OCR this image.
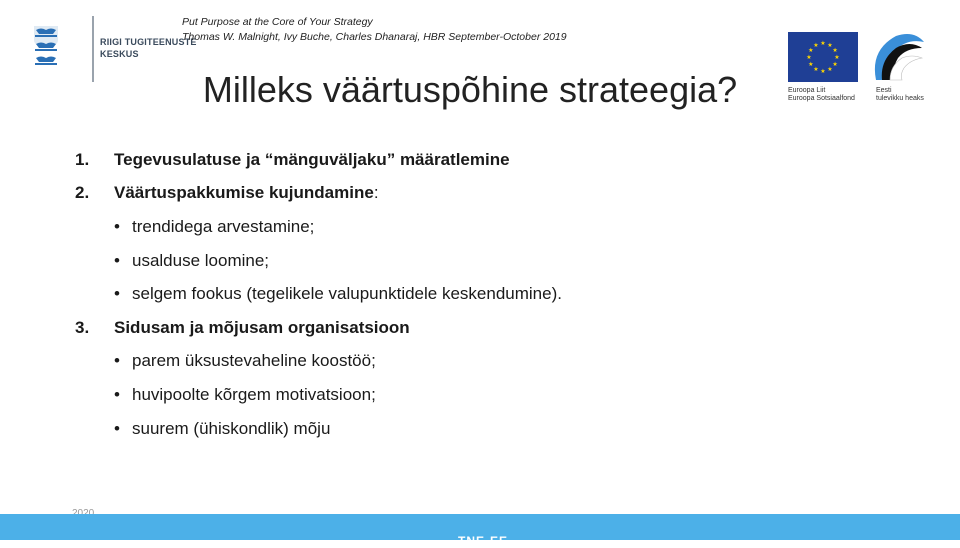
RIIGI TUGITEENUSTE
KESKUS
Put Purpose at the Core of Your Strategy
Thomas W. Malnight, Ivy Buche, Charles Dhanaraj, HBR September-October 2019
Milleks väärtuspõhine strateegia?
★ ★
★
★
★
★
★
★
★
★
★
★
Euroopa Liit
Euroopa Sotsiaalfond
Eesti
tulevikku heaks
1. Tegevusulatuse ja “mänguväljaku” määratlemine
2. Väärtuspakkumise kujundamine:
• trendidega arvestamine;
• usalduse loomine;
• selgem fookus (tegelikele valupunktidele keskendumine).
3. Sidusam ja mõjusam organisatsioon
• parem üksustevaheline koostöö;
• huvipoolte kõrgem motivatsioon;
• suurem (ühiskondlik) mõju
TNE-EE
